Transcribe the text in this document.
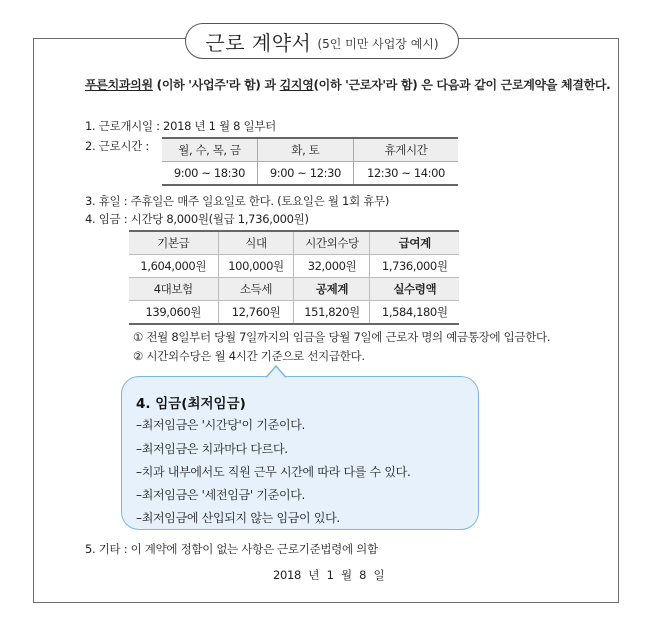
근로 계약서 (5인 미만 사업장 예시)
푸른치과의원 (이하 '사업주'라 함) 과 김지영(이하 '근로자'라 함) 은 다음과 같이 근로계약을 체결한다.
1. 근로개시일 : 2018 년 1 월 8 일부터
2. 근로시간 :	월, 수, 목, 금	화, 토	휴게시간
9:00 ~ 18:30	9:00 ~ 12:30	12:30 ~ 14:00
3. 휴일 : 주휴일은 매주 일요일로 한다. (토요일은 월 1회 휴무)
4. 임금 : 시간당 8,000원(월급 1,736,000원)
기본급	식대	시간외수당	급여계
1,604,000원	100,000원	32,000원	1,736,000원
4대보험	소득세	공제계	실수령액
139,060원	12,760원	151,820원	1,584,180원
① 전월 8일부터 당월 7일까지의 임금을 당월 7일에 근로자 명의 예금통장에 입금한다.
② 시간외수당은 월 4시간 기준으로 선지급한다.
4. 임금(최저임금)
–최저임금은 '시간당'이 기준이다.
–최저임금은 치과마다 다르다.
–치과 내부에서도 직원 근무 시간에 따라 다를 수 있다.
–최저임금은 '세전임금' 기준이다.
–최저임금에 산입되지 않는 임금이 있다.
5. 기타 : 이 계약에 정함이 없는 사항은 근로기준법령에 의함
2018 년 1 월 8 일
